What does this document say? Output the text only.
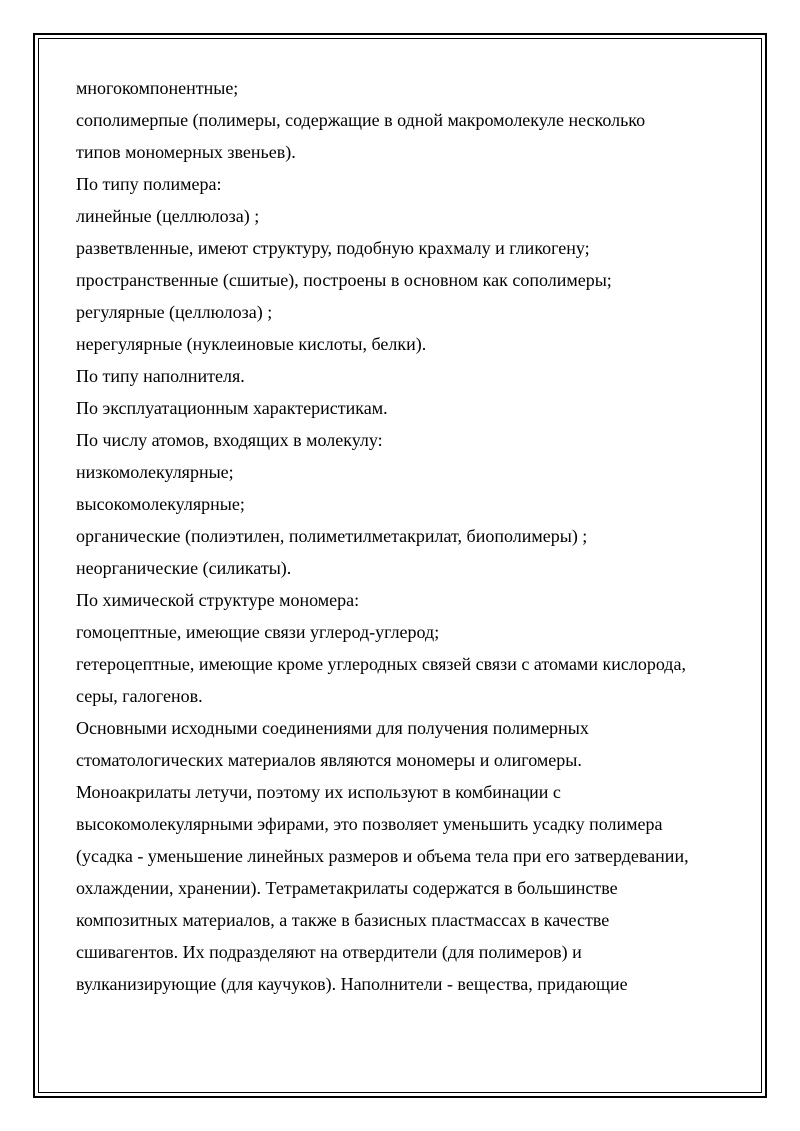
многокомпонентные;
сополимерпые (полимеры, содержащие в одной макромолекуле несколько
типов мономерных звеньев).
По типу полимера:
линейные (целлюлоза) ;
разветвленные, имеют структуру, подобную крахмалу и гликогену;
пространственные (сшитые), построены в основном как сополимеры;
регулярные (целлюлоза) ;
нерегулярные (нуклеиновые кислоты, белки).
По типу наполнителя.
По эксплуатационным характеристикам.
По числу атомов, входящих в молекулу:
низкомолекулярные;
высокомолекулярные;
органические (полиэтилен, полиметилметакрилат, биополимеры) ;
неорганические (силикаты).
По химической структуре мономера:
гомоцептные, имеющие связи углерод-углерод;
гетероцептные, имеющие кроме углеродных связей связи с атомами кислорода,
серы, галогенов.
Основными исходными соединениями для получения полимерных
стоматологических материалов являются мономеры и олигомеры.
Моноакрилаты летучи, поэтому их используют в комбинации с
высокомолекулярными эфирами, это позволяет уменьшить усадку полимера
(усадка - уменьшение линейных размеров и объема тела при его затвердевании,
охлаждении, хранении). Тетраметакрилаты содержатся в большинстве
композитных материалов, а также в базисных пластмассах в качестве
сшивагентов. Их подразделяют на отвердители (для полимеров) и
вулканизирующие (для каучуков). Наполнители - вещества, придающие
